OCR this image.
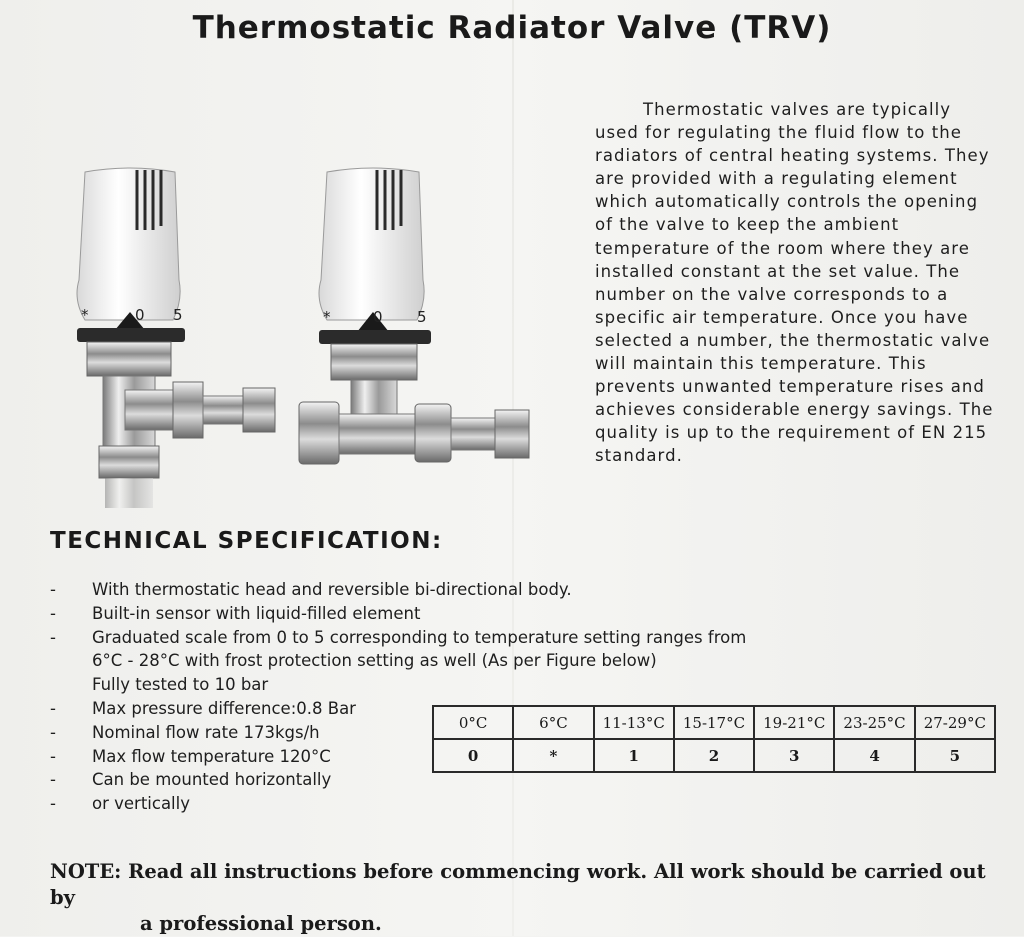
Thermostatic Radiator Valve (TRV)
Thermostatic valves are typically used for regulating the fluid flow to the radiators of central heating systems. They are provided with a regulating element which automatically controls the opening of the valve to keep the ambient temperature of the room where they are installed constant at the set value. The number on the valve corresponds to a specific air temperature. Once you have selected a number, the thermostatic valve will maintain this temperature. This prevents unwanted temperature rises and achieves considerable energy savings. The quality is up to the requirement of EN 215 standard.
*	0 5	*	0 5
TECHNICAL SPECIFICATION:
-	With thermostatic head and reversible bi-directional body.
-	Built-in sensor with liquid-filled element
-	Graduated scale from 0 to 5 corresponding to temperature setting ranges from
6°C - 28°C with frost protection setting as well (As per Figure below)
Fully tested to 10 bar
-	Max pressure difference:0.8 Bar
-	Nominal flow rate 173kgs/h
-	Max flow temperature 120°C
-	Can be mounted horizontally
-	or vertically
0°C	6°C	11-13°C	15-17°C	19-21°C	23-25°C	27-29°C
0	*	1	2	3	4	5
NOTE: Read all instructions before commencing work. All work should be carried out by
a professional person.
